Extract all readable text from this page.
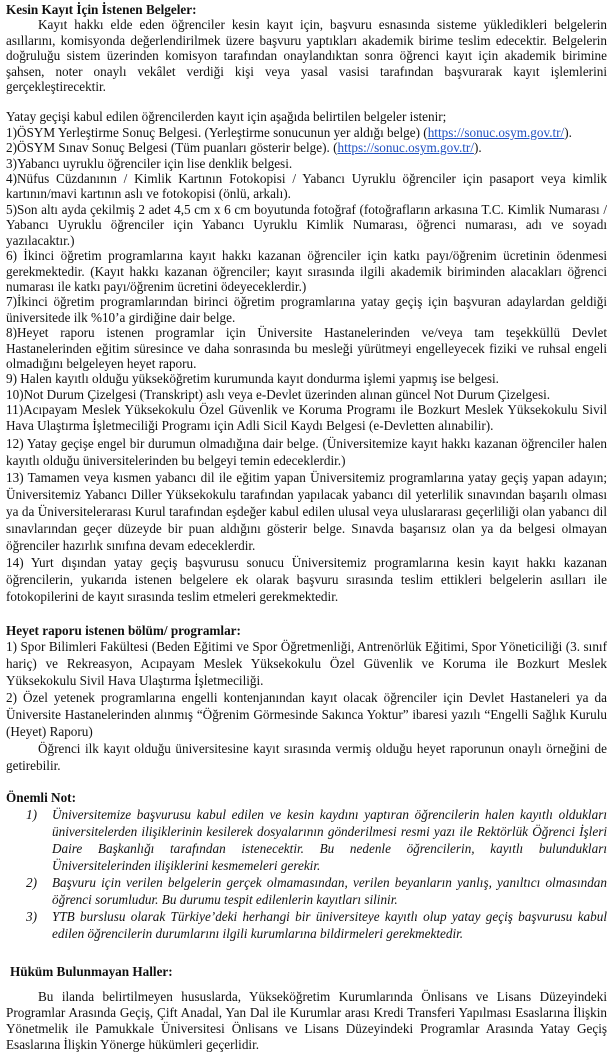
Kesin Kayıt İçin İstenen Belgeler:

Kayıt hakkı elde eden öğrenciler kesin kayıt için, başvuru esnasında sisteme yükledikleri belgelerin asıllarını, komisyonda değerlendirilmek üzere başvuru yaptıkları akademik birime teslim edecektir. Belgelerin doğruluğu sistem üzerinden komisyon tarafından onaylandıktan sonra öğrenci kayıt için akademik birimine şahsen, noter onaylı vekâlet verdiği kişi veya yasal vasisi tarafından başvurarak kayıt işlemlerini gerçekleştirecektir.

Yatay geçişi kabul edilen öğrencilerden kayıt için aşağıda belirtilen belgeler istenir;

1)ÖSYM Yerleştirme Sonuç Belgesi. (Yerleştirme sonucunun yer aldığı belge) (https://sonuc.osym.gov.tr/).

2)ÖSYM Sınav Sonuç Belgesi (Tüm puanları gösterir belge). (https://sonuc.osym.gov.tr/).

3)Yabancı uyruklu öğrenciler için lise denklik belgesi.

4)Nüfus Cüzdanının / Kimlik Kartının Fotokopisi / Yabancı Uyruklu öğrenciler için pasaport veya kimlik kartının/mavi kartının aslı ve fotokopisi (önlü, arkalı).

5)Son altı ayda çekilmiş 2 adet 4,5 cm x 6 cm boyutunda fotoğraf (fotoğrafların arkasına T.C. Kimlik Numarası / Yabancı Uyruklu öğrenciler için Yabancı Uyruklu Kimlik Numarası, öğrenci numarası, adı ve soyadı yazılacaktır.)

6) İkinci öğretim programlarına kayıt hakkı kazanan öğrenciler için katkı payı/öğrenim ücretinin ödenmesi gerekmektedir. (Kayıt hakkı kazanan öğrenciler; kayıt sırasında ilgili akademik biriminden alacakları öğrenci numarası ile katkı payı/öğrenim ücretini ödeyeceklerdir.)

7)İkinci öğretim programlarından birinci öğretim programlarına yatay geçiş için başvuran adaylardan geldiği üniversitede ilk %10’a girdiğine dair belge.

8)Heyet raporu istenen programlar için Üniversite Hastanelerinden ve/veya tam teşekküllü Devlet Hastanelerinden eğitim süresince ve daha sonrasında bu mesleği yürütmeyi engelleyecek fiziki ve ruhsal engeli olmadığını belgeleyen heyet raporu.

9) Halen kayıtlı olduğu yükseköğretim kurumunda kayıt dondurma işlemi yapmış ise belgesi.

10)Not Durum Çizelgesi (Transkript) aslı veya e-Devlet üzerinden alınan güncel Not Durum Çizelgesi.

11)Acıpayam Meslek Yüksekokulu Özel Güvenlik ve Koruma Programı ile Bozkurt Meslek Yüksekokulu Sivil Hava Ulaştırma İşletmeciliği Programı için Adli Sicil Kaydı Belgesi (e-Devletten alınabilir).

12) Yatay geçişe engel bir durumun olmadığına dair belge. (Üniversitemize kayıt hakkı kazanan öğrenciler halen kayıtlı olduğu üniversitelerinden bu belgeyi temin edeceklerdir.)

13) Tamamen veya kısmen yabancı dil ile eğitim yapan Üniversitemiz programlarına yatay geçiş yapan adayın; Üniversitemiz Yabancı Diller Yüksekokulu tarafından yapılacak yabancı dil yeterlilik sınavından başarılı olması ya da Üniversitelerarası Kurul tarafından eşdeğer kabul edilen ulusal veya uluslararası geçerliliği olan yabancı dil sınavlarından geçer düzeyde bir puan aldığını gösterir belge. Sınavda başarısız olan ya da belgesi olmayan öğrenciler hazırlık sınıfına devam edeceklerdir.

14) Yurt dışından yatay geçiş başvurusu sonucu Üniversitemiz programlarına kesin kayıt hakkı kazanan öğrencilerin, yukarıda istenen belgelere ek olarak başvuru sırasında teslim ettikleri belgelerin asılları ile fotokopilerini de kayıt sırasında teslim etmeleri gerekmektedir.

Heyet raporu istenen bölüm/ programlar:

1) Spor Bilimleri Fakültesi (Beden Eğitimi ve Spor Öğretmenliği, Antrenörlük Eğitimi, Spor Yöneticiliği (3. sınıf hariç) ve Rekreasyon, Acıpayam Meslek Yüksekokulu Özel Güvenlik ve Koruma ile Bozkurt Meslek Yüksekokulu Sivil Hava Ulaştırma İşletmeciliği.

2) Özel yetenek programlarına engelli kontenjanından kayıt olacak öğrenciler için Devlet Hastaneleri ya da Üniversite Hastanelerinden alınmış “Öğrenim Görmesinde Sakınca Yoktur” ibaresi yazılı “Engelli Sağlık Kurulu (Heyet) Raporu)

Öğrenci ilk kayıt olduğu üniversitesine kayıt sırasında vermiş olduğu heyet raporunun onaylı örneğini de getirebilir.

Önemli Not:

1)	Üniversitemize başvurusu kabul edilen ve kesin kaydını yaptıran öğrencilerin halen kayıtlı oldukları üniversitelerden ilişiklerinin kesilerek dosyalarının gönderilmesi resmi yazı ile Rektörlük Öğrenci İşleri Daire Başkanlığı tarafından istenecektir. Bu nedenle öğrencilerin, kayıtlı bulundukları Üniversitelerinden ilişiklerini kesmemeleri gerekir.
2)	Başvuru için verilen belgelerin gerçek olmamasından, verilen beyanların yanlış, yanıltıcı olmasından öğrenci sorumludur. Bu durumu tespit edilenlerin kayıtları silinir.
3)	YTB burslusu olarak Türkiye’deki herhangi bir üniversiteye kayıtlı olup yatay geçiş başvurusu kabul edilen öğrencilerin durumlarını ilgili kurumlarına bildirmeleri gerekmektedir.

Hüküm Bulunmayan Haller:

Bu ilanda belirtilmeyen hususlarda, Yükseköğretim Kurumlarında Önlisans ve Lisans Düzeyindeki Programlar Arasında Geçiş, Çift Anadal, Yan Dal ile Kurumlar arası Kredi Transferi Yapılması Esaslarına İlişkin Yönetmelik ile Pamukkale Üniversitesi Önlisans ve Lisans Düzeyindeki Programlar Arasında Yatay Geçiş Esaslarına İlişkin Yönerge hükümleri geçerlidir.
